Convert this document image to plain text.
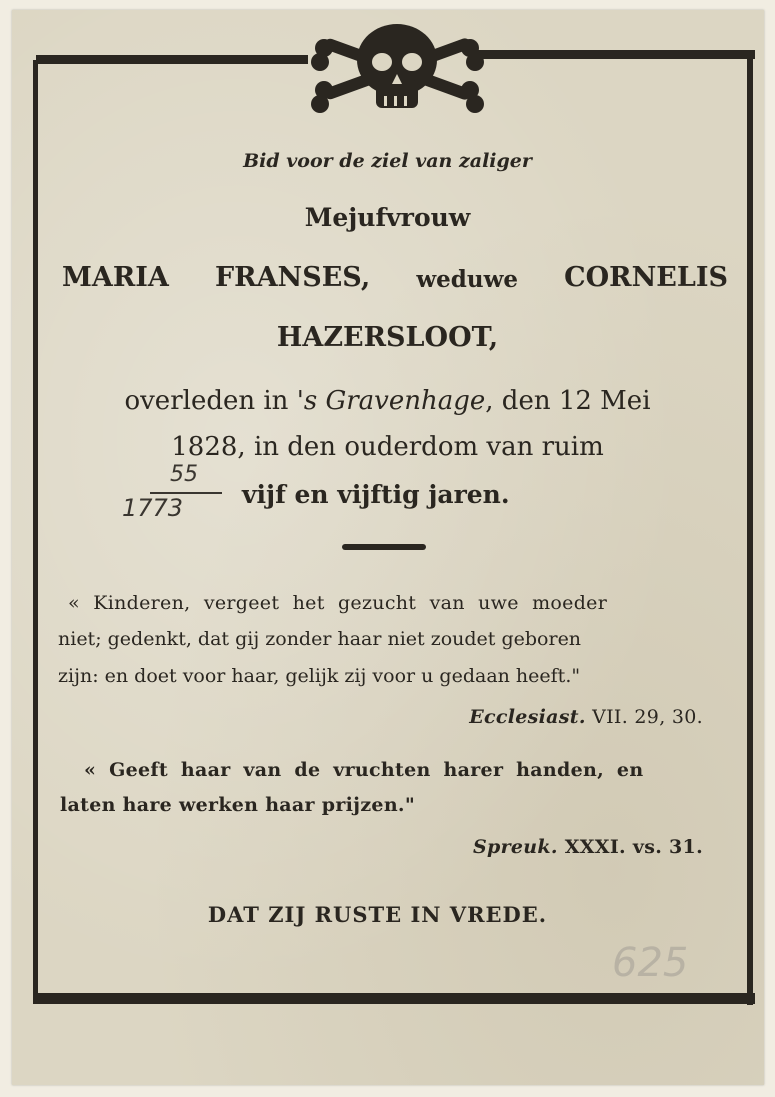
Bid voor de ziel van zaliger
Mejufvrouw
MARIA FRANSES, weduwe CORNELIS
HAZERSLOOT,
overleden in 's Gravenhage, den 12 Mei
1828, in den ouderdom van ruim
vijf en vijftig jaren.
55
1773
« Kinderen, vergeet het gezucht van uwe moeder
niet; gedenkt, dat gij zonder haar niet zoudet geboren
zijn: en doet voor haar, gelijk zij voor u gedaan heeft."
Ecclesiast. VII. 29, 30.
« Geeft haar van de vruchten harer handen, en
laten hare werken haar prijzen."
Spreuk. XXXI. vs. 31.
DAT ZIJ RUSTE IN VREDE.
625
